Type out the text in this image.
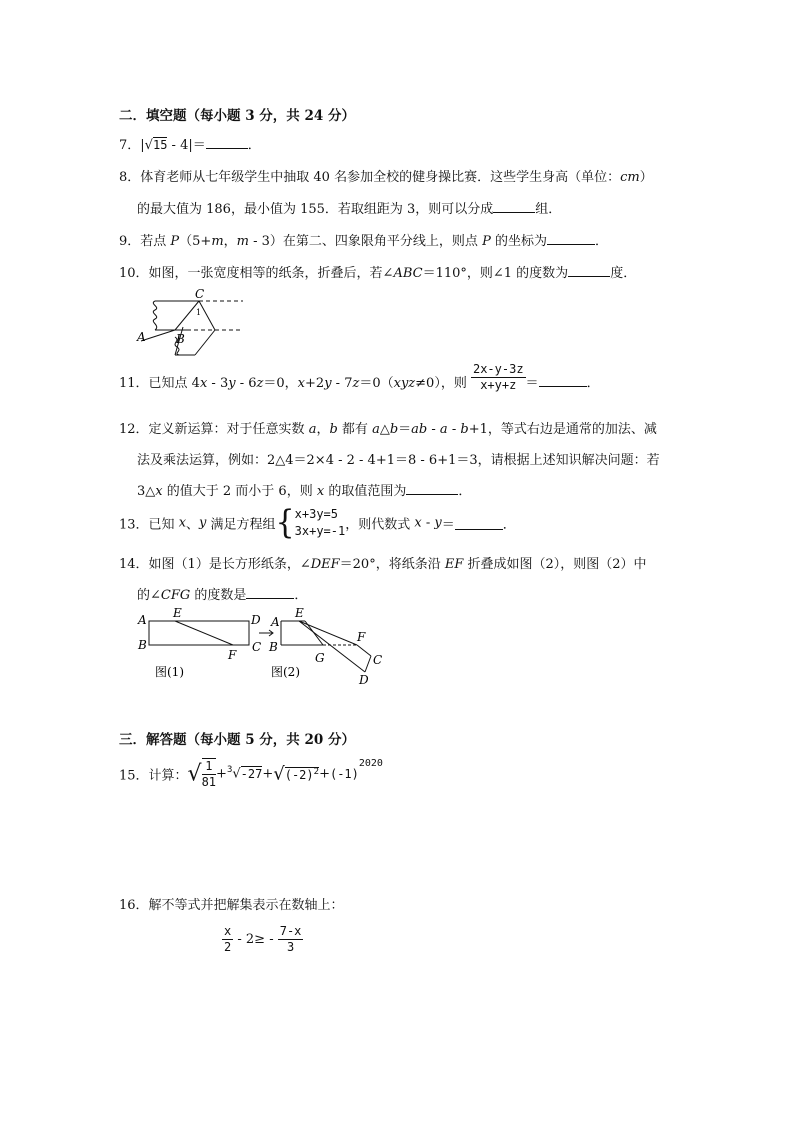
二．填空题（每小题 3 分，共 24 分）
7．|√15 - 4|＝	．
8．体育老师从七年级学生中抽取 40 名参加全校的健身操比赛．这些学生身高（单位：cm）
的最大值为 186，最小值为 155．若取组距为 3，则可以分成	组．
9．若点 P（5+m，m - 3）在第二、四象限角平分线上，则点 P 的坐标为	．
10．如图，一张宽度相等的纸条，折叠后，若∠ABC＝110°，则∠1 的度数为	度．
C
1
A	B
11．已知点 4x - 3y - 6z＝0，x+2y - 7z＝0（xyz≠0），则 $\frac{2x-y-3z}{x+y+z}$ ＝	．
12．定义新运算：对于任意实数 a，b 都有 a△b＝ab - a - b+1，等式右边是通常的加法、减
法及乘法运算，例如：2△4＝2×4 - 2 - 4+1＝8 - 6+1＝3，请根据上述知识解决问题：若
3△x 的值大于 2 而小于 6，则 x 的取值范围为	．
13．已知 x、y 满足方程组{ x+3y=5
3x+y=-1 ，则代数式 x - y＝	．
14．如图（1）是长方形纸条，∠DEF＝20°，将纸条沿 EF 折叠成如图（2），则图（2）中
的∠CFG 的度数是	．
A E	D
B
F
C
图(1)
A
E
B
F
G	C
D
图(2)
三．解答题（每小题 5 分，共 20 分）
15．计算：√ $\frac{1}{81} +^3√-27+√(-2)^2+(-1)^{2020}$
16．解不等式并把解集表示在数轴上：
$\frac{x}{2} - 2\ge - \frac{7-x}{3}$
